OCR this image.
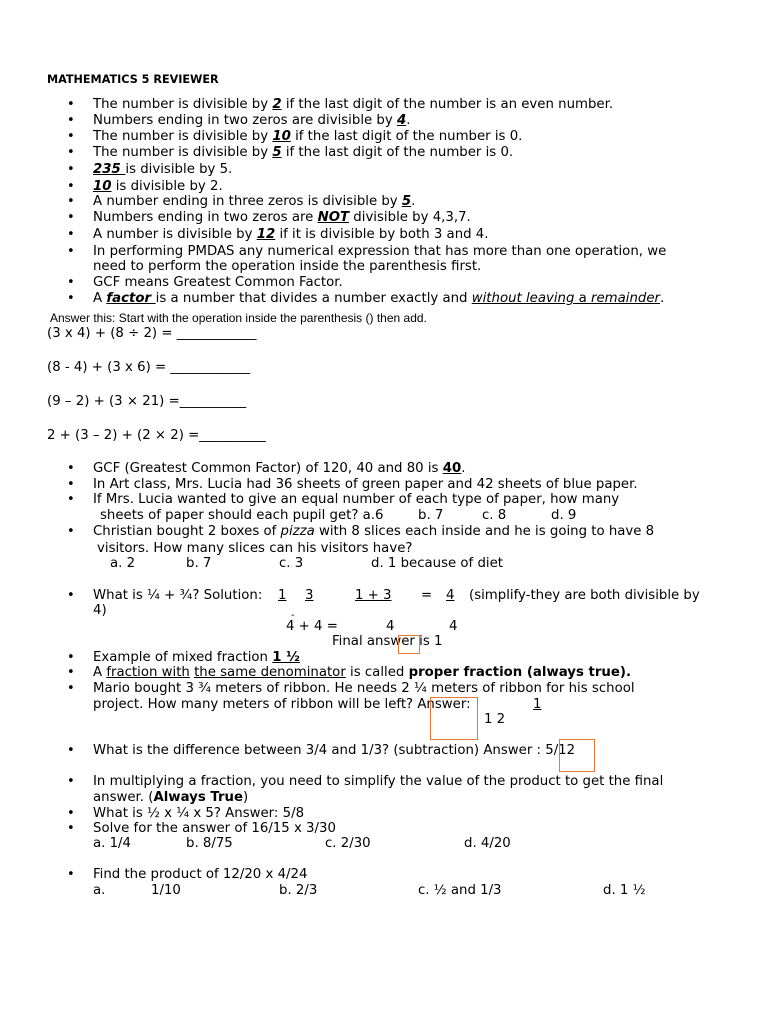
MATHEMATICS 5 REVIEWER
•
•
•
•
•
•
•
•
•
•
•
•
The number is divisible by 2 if the last digit of the number is an even number.
Numbers ending in two zeros are divisible by 4.
The number is divisible by 10 if the last digit of the number is 0.
The number is divisible by 5 if the last digit of the number is 0.
235 is divisible by 5.
10 is divisible by 2.
A number ending in three zeros is divisible by 5.
Numbers ending in two zeros are NOT divisible by 4,3,7.
A number is divisible by 12 if it is divisible by both 3 and 4.
In performing PMDAS any numerical expression that has more than one operation, we
need to perform the operation inside the parenthesis first.
GCF means Greatest Common Factor.
A factor is a number that divides a number exactly and without leaving a remainder.
Answer this: Start with the operation inside the parenthesis () then add.
(3 x 4) + (8 ÷ 2) = ____________
(8 - 4) + (3 x 6) = ____________
(9 – 2) + (3 × 21) =__________
2 + (3 – 2) + (2 × 2) =__________
•
•
•
•
•
•
•
•
•
•
•
•
•
GCF (Greatest Common Factor) of 120, 40 and 80 is 40.
In Art class, Mrs. Lucia had 36 sheets of green paper and 42 sheets of blue paper.
If Mrs. Lucia wanted to give an equal number of each type of paper, how many
sheets of paper should each pupil get? a.6	b. 7	c. 8	d. 9
Christian bought 2 boxes of pizza with 8 slices each inside and he is going to have 8
visitors. How many slices can his visitors have?
a. 2	b. 7	c. 3	d. 1 because of diet
What is ¼ + ¾? Solution: 1 3	1 + 3 = 4 (simplify-they are both divisible by
4)	-
4 + 4 =	4	4
Final answer is 1
Example of mixed fraction 1 ½
A fraction with the same denominator is called proper fraction (always true).
Mario bought 3 ¾ meters of ribbon. He needs 2 ¼ meters of ribbon for his school
project. How many meters of ribbon will be left? Answer:	1
1 2
What is the difference between 3/4 and 1/3? (subtraction) Answer : 5/12
In multiplying a fraction, you need to simplify the value of the product to get the final
answer. (Always True)
What is ½ x ¼ x 5? Answer: 5/8
Solve for the answer of 16/15 x 3/30
a. 1/4	b. 8/75	c. 2/30	d. 4/20
Find the product of 12/20 x 4/24
a.	1/10	b. 2/3	c. ½ and 1/3	d. 1 ½
